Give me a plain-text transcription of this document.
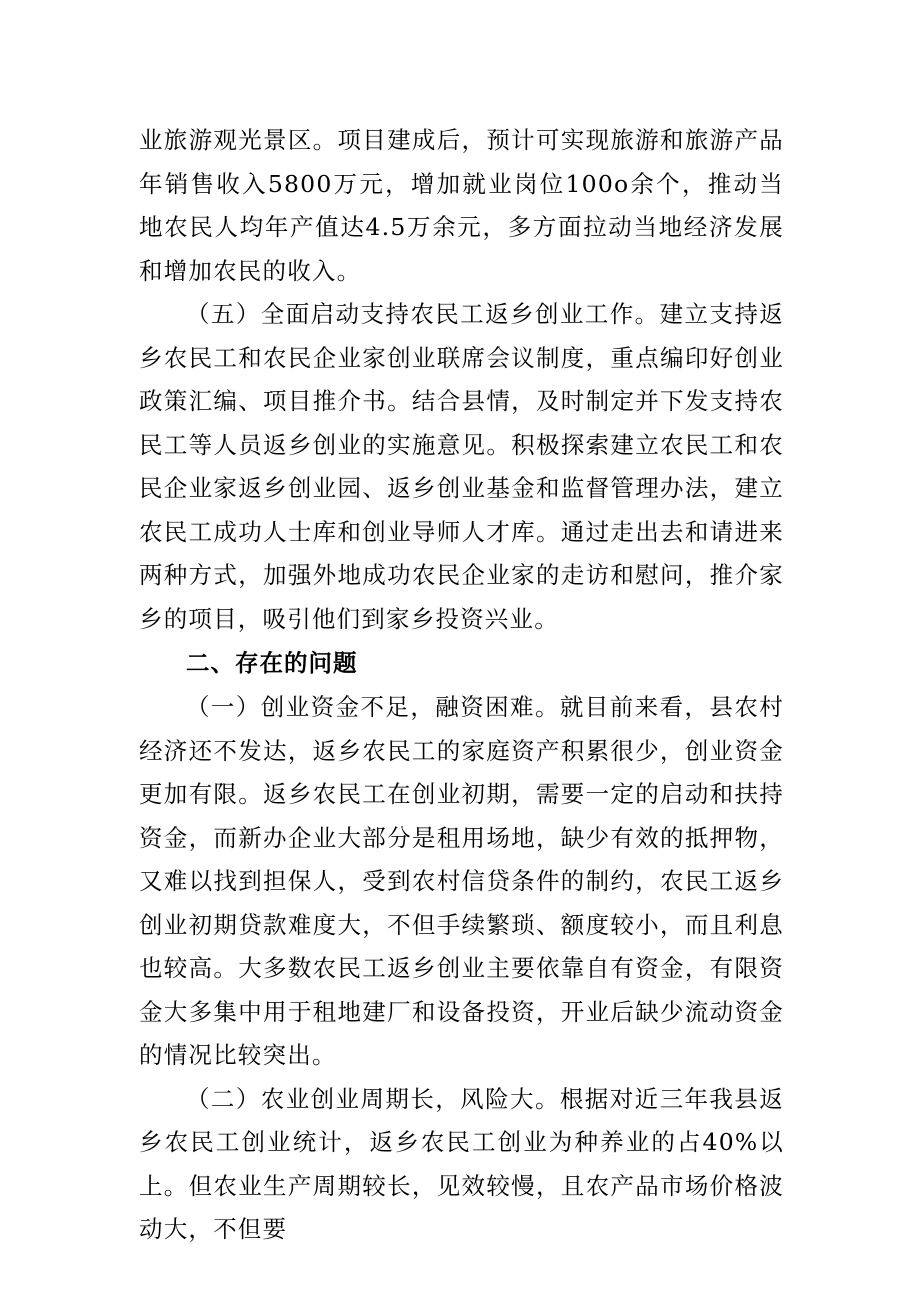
业旅游观光景区。项目建成后，预计可实现旅游和旅游产品年销售收入5800万元，增加就业岗位100o余个，推动当地农民人均年产值达4.5万余元，多方面拉动当地经济发展和增加农民的收入。

（五）全面启动支持农民工返乡创业工作。建立支持返乡农民工和农民企业家创业联席会议制度，重点编印好创业政策汇编、项目推介书。结合县情，及时制定并下发支持农民工等人员返乡创业的实施意见。积极探索建立农民工和农民企业家返乡创业园、返乡创业基金和监督管理办法，建立农民工成功人士库和创业导师人才库。通过走出去和请进来两种方式，加强外地成功农民企业家的走访和慰问，推介家乡的项目，吸引他们到家乡投资兴业。

二、存在的问题

（一）创业资金不足，融资困难。就目前来看，县农村经济还不发达，返乡农民工的家庭资产积累很少，创业资金更加有限。返乡农民工在创业初期，需要一定的启动和扶持资金，而新办企业大部分是租用场地，缺少有效的抵押物，又难以找到担保人，受到农村信贷条件的制约，农民工返乡创业初期贷款难度大，不但手续繁琐、额度较小，而且利息也较高。大多数农民工返乡创业主要依靠自有资金，有限资金大多集中用于租地建厂和设备投资，开业后缺少流动资金的情况比较突出。

（二）农业创业周期长，风险大。根据对近三年我县返乡农民工创业统计，返乡农民工创业为种养业的占40%以上。但农业生产周期较长，见效较慢，且农产品市场价格波动大，不但要
